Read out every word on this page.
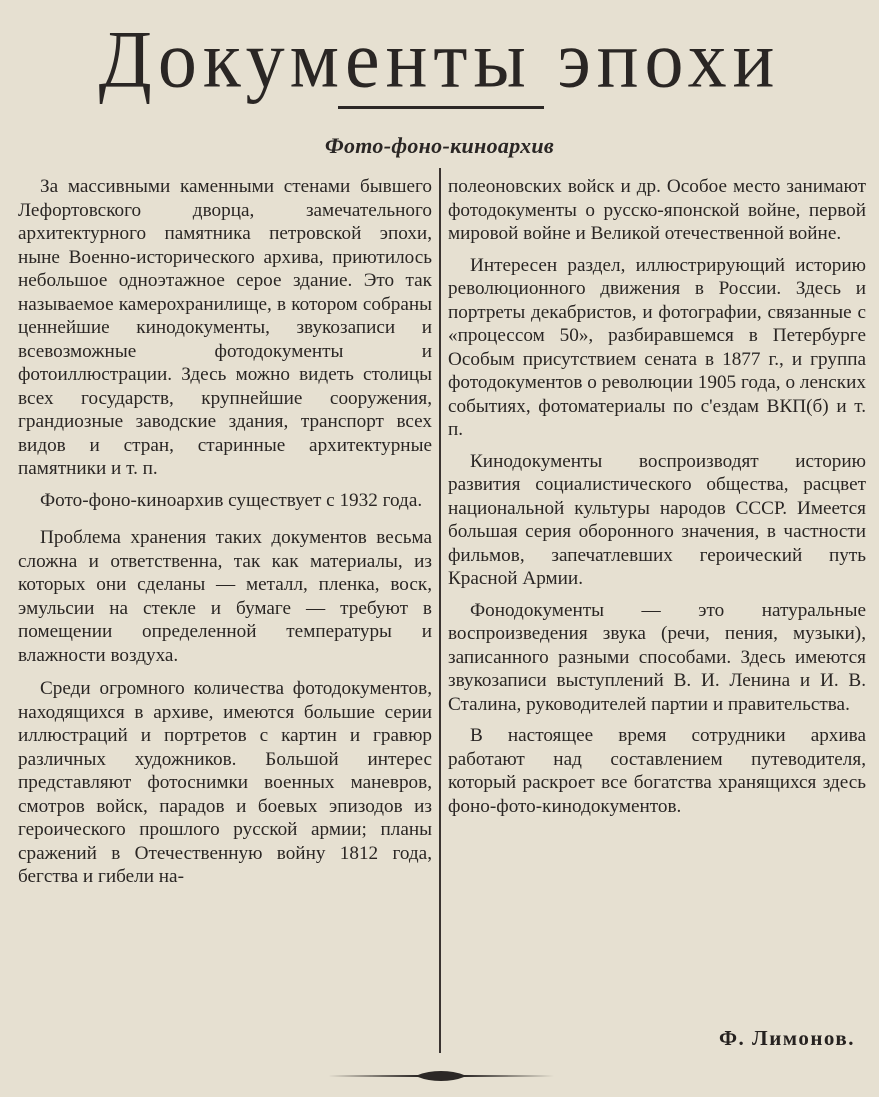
Документы эпохи
Фото-фоно-киноархив

За массивными каменными стенами бывшего Лефортовского дворца, замечательного архитектурного памятника петровской эпохи, ныне Военно-исторического архива, приютилось небольшое одноэтажное серое здание. Это так называемое камерохранилище, в котором собраны ценнейшие кинодокументы, звукозаписи и всевозможные фотодокументы и фотоиллюстрации. Здесь можно видеть столицы всех государств, крупнейшие сооружения, грандиозные заводские здания, транспорт всех видов и стран, старинные архитектурные памятники и т. п.

Фото-фоно-киноархив существует с 1932 года.

Проблема хранения таких документов весьма сложна и ответственна, так как материалы, из которых они сделаны — металл, пленка, воск, эмульсии на стекле и бумаге — требуют в помещении определенной температуры и влажности воздуха.

Среди огромного количества фотодокументов, находящихся в архиве, имеются большие серии иллюстраций и портретов с картин и гравюр различных художников. Большой интерес представляют фотоснимки военных маневров, смотров войск, парадов и боевых эпизодов из героического прошлого русской армии; планы сражений в Отечественную войну 1812 года, бегства и гибели на-

полеоновских войск и др. Особое место занимают фотодокументы о русско-японской войне, первой мировой войне и Великой отечественной войне.

Интересен раздел, иллюстрирующий историю революционного движения в России. Здесь и портреты декабристов, и фотографии, связанные с «процессом 50», разбиравшемся в Петербурге Особым присутствием сената в 1877 г., и группа фотодокументов о революции 1905 года, о ленских событиях, фотоматериалы по с'ездам ВКП(б) и т. п.

Кинодокументы воспроизводят историю развития социалистического общества, расцвет национальной культуры народов СССР. Имеется большая серия оборонного значения, в частности фильмов, запечатлевших героический путь Красной Армии.

Фонодокументы — это натуральные воспроизведения звука (речи, пения, музыки), записанного разными способами. Здесь имеются звукозаписи выступлений В. И. Ленина и И. В. Сталина, руководителей партии и правительства.

В настоящее время сотрудники архива работают над составлением путеводителя, который раскроет все богатства хранящихся здесь фоно-фото-кинодокументов.

Ф. Лимонов.
